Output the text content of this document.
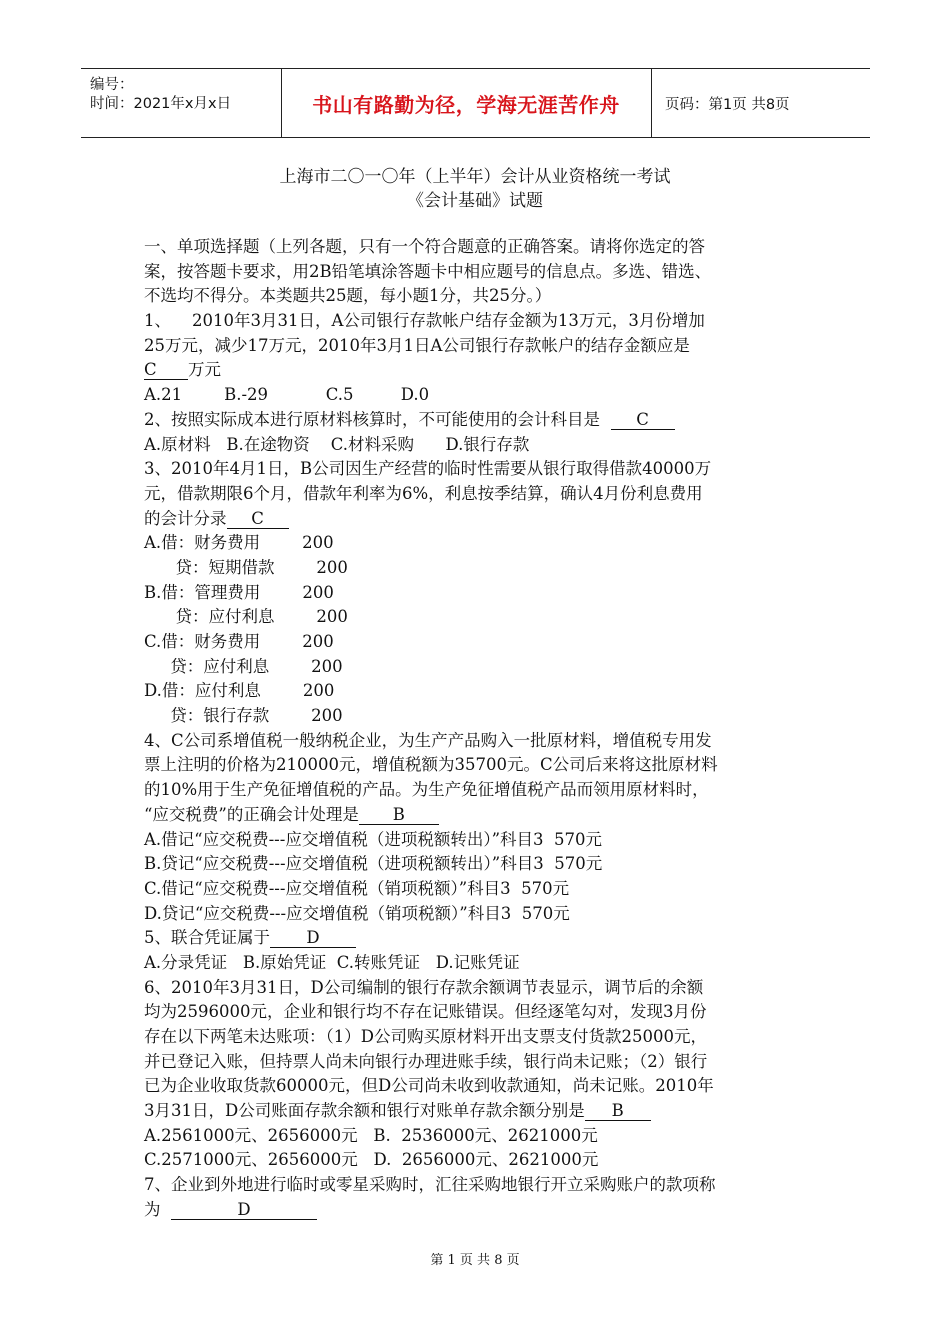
编号：
时间：2021年x月x日	书山有路勤为径，学海无涯苦作舟	页码：第1页 共8页
上海市二〇一〇年（上半年）会计从业资格统一考试
《会计基础》试题
一、单项选择题（上列各题，只有一个符合题意的正确答案。请将你选定的答
案，按答题卡要求，用2B铅笔填涂答题卡中相应题号的信息点。多选、错选、
不选均不得分。本类题共25题，每小题1分，共25分。）
1、    2010年3月31日，A公司银行存款帐户结存金额为13万元，3月份增加
25万元，减少17万元，2010年3月1日A公司银行存款帐户的结存金额应是
C 万元
A.21        B.-29           C.5         D.0
2、按照实际成本进行原材料核算时，不可能使用的会计科目是  C
A.原材料   B.在途物资    C.材料采购      D.银行存款
3、2010年4月1日，B公司因生产经营的临时性需要从银行取得借款40000万
元，借款期限6个月，借款年利率为6%，利息按季结算，确认4月份利息费用
的会计分录 C
A.借：财务费用        200
贷：短期借款        200
B.借：管理费用        200
贷：应付利息        200
C.借：财务费用        200
贷：应付利息        200
D.借：应付利息        200
贷：银行存款        200
4、C公司系增值税一般纳税企业，为生产产品购入一批原材料，增值税专用发
票上注明的价格为210000元，增值税额为35700元。C公司后来将这批原材料
的10%用于生产免征增值税的产品。为生产免征增值税产品而领用原材料时，
“应交税费”的正确会计处理是 B
A.借记“应交税费---应交增值税（进项税额转出）”科目3  570元
B.贷记“应交税费---应交增值税（进项税额转出）”科目3  570元
C.借记“应交税费---应交增值税（销项税额）”科目3  570元
D.贷记“应交税费---应交增值税（销项税额）”科目3  570元
5、联合凭证属于 D
A.分录凭证   B.原始凭证  C.转账凭证   D.记账凭证
6、2010年3月31日，D公司编制的银行存款余额调节表显示，调节后的余额
均为2596000元，企业和银行均不存在记账错误。但经逐笔勾对，发现3月份
存在以下两笔未达账项：（1）D公司购买原材料开出支票支付货款25000元，
并已登记入账，但持票人尚未向银行办理进账手续，银行尚未记账；（2）银行
已为企业收取货款60000元，但D公司尚未收到收款通知，尚未记账。2010年
3月31日，D公司账面存款余额和银行对账单存款余额分别是 B
A.2561000元、2656000元   B.  2536000元、2621000元
C.2571000元、2656000元   D.  2656000元、2621000元
7、企业到外地进行临时或零星采购时，汇往采购地银行开立采购账户的款项称
为	D
第 1 页 共 8 页
